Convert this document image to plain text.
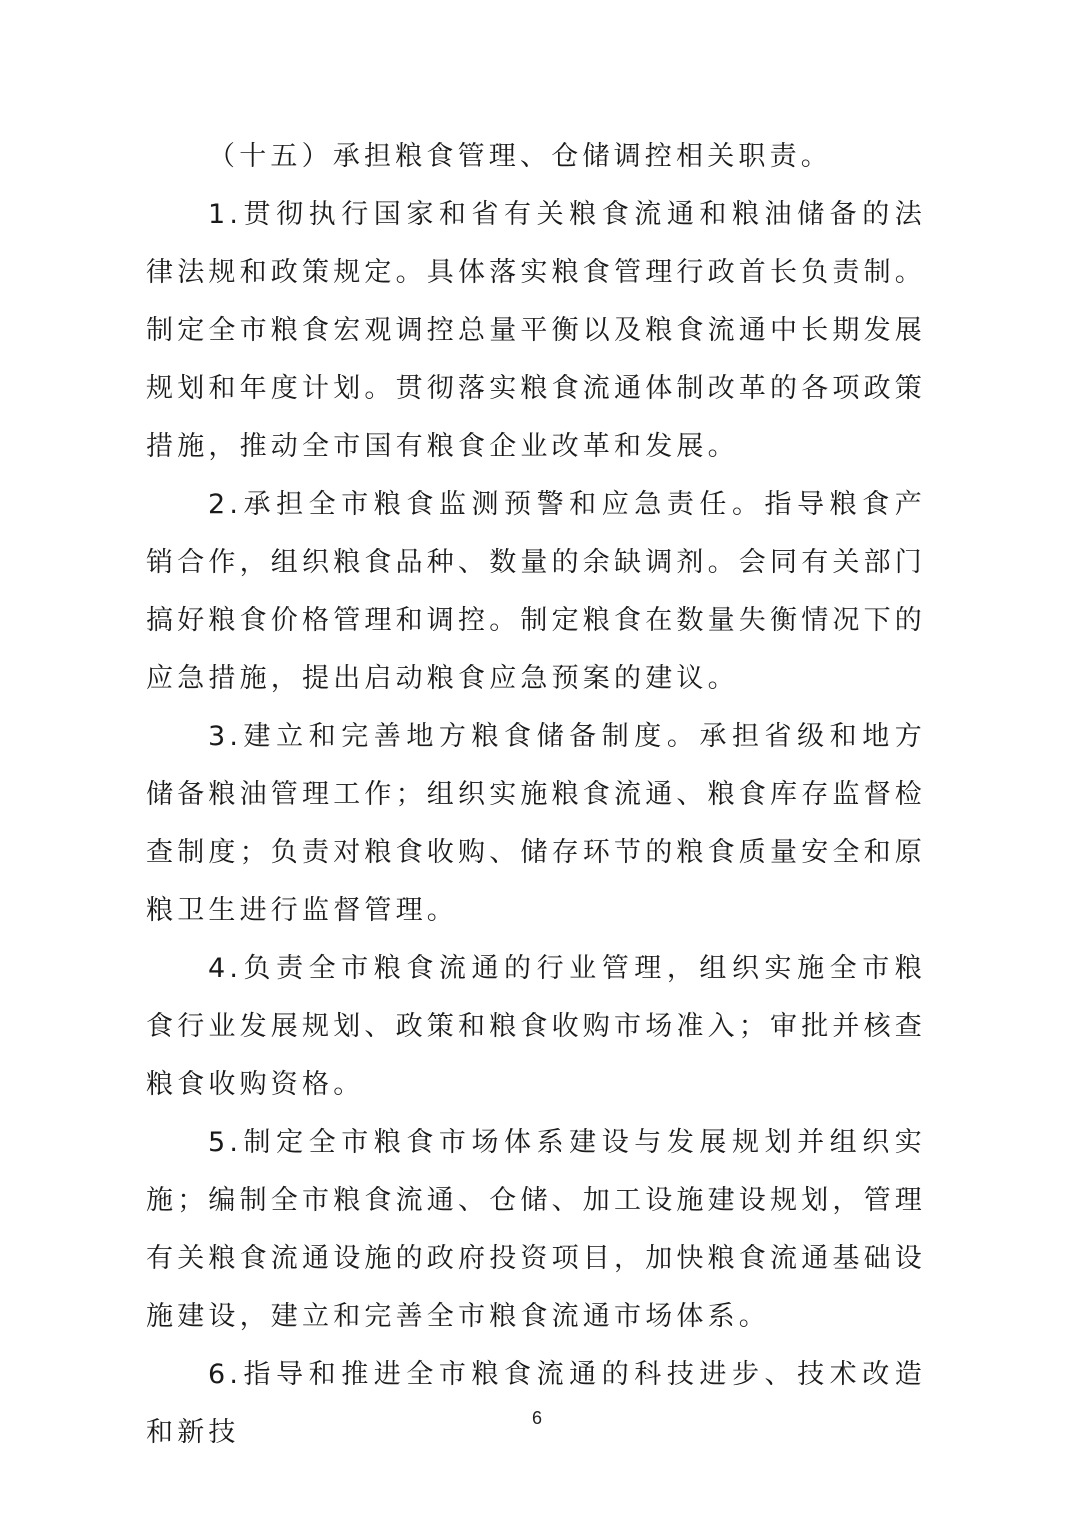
（十五）承担粮食管理、仓储调控相关职责。

1.贯彻执行国家和省有关粮食流通和粮油储备的法律法规和政策规定。具体落实粮食管理行政首长负责制。制定全市粮食宏观调控总量平衡以及粮食流通中长期发展规划和年度计划。贯彻落实粮食流通体制改革的各项政策措施，推动全市国有粮食企业改革和发展。

2.承担全市粮食监测预警和应急责任。指导粮食产销合作，组织粮食品种、数量的余缺调剂。会同有关部门搞好粮食价格管理和调控。制定粮食在数量失衡情况下的应急措施，提出启动粮食应急预案的建议。

3.建立和完善地方粮食储备制度。承担省级和地方储备粮油管理工作；组织实施粮食流通、粮食库存监督检查制度；负责对粮食收购、储存环节的粮食质量安全和原粮卫生进行监督管理。

4.负责全市粮食流通的行业管理，组织实施全市粮食行业发展规划、政策和粮食收购市场准入；审批并核查粮食收购资格。

5.制定全市粮食市场体系建设与发展规划并组织实施；编制全市粮食流通、仓储、加工设施建设规划，管理有关粮食流通设施的政府投资项目，加快粮食流通基础设施建设，建立和完善全市粮食流通市场体系。

6.指导和推进全市粮食流通的科技进步、技术改造和新技	6
